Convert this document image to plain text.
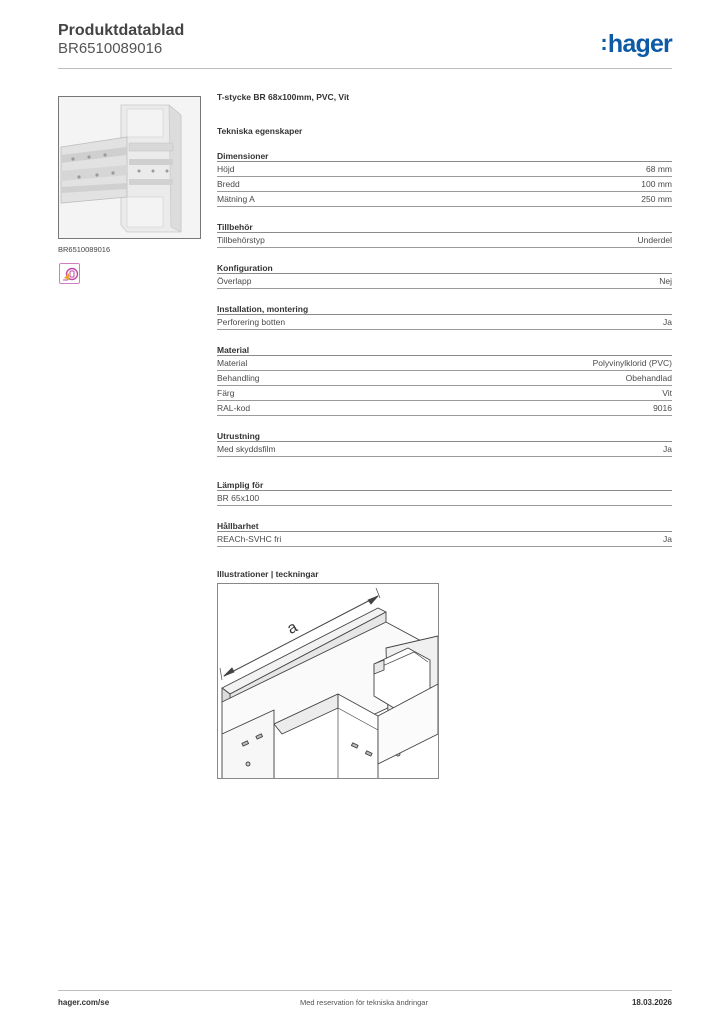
Produktdatablad
BR6510089016	:hager
BR6510089016
T-stycke BR 68x100mm, PVC, Vit
Tekniska egenskaper
Dimensioner
Höjd	68 mm
Bredd	100 mm
Mätning A	250 mm
Tillbehör
Tillbehörstyp	Underdel
Konfiguration
Överlapp	Nej
Installation, montering
Perforering botten	Ja
Material
Material	Polyvinylklorid (PVC)
Behandling	Obehandlad
Färg	Vit
RAL-kod	9016
Utrustning
Med skyddsfilm	Ja
Lämplig för
BR 65x100
Hållbarhet
REACh-SVHC fri	Ja
Illustrationer | teckningar
a
hager.com/se	Med reservation för tekniska ändringar	18.03.2026
